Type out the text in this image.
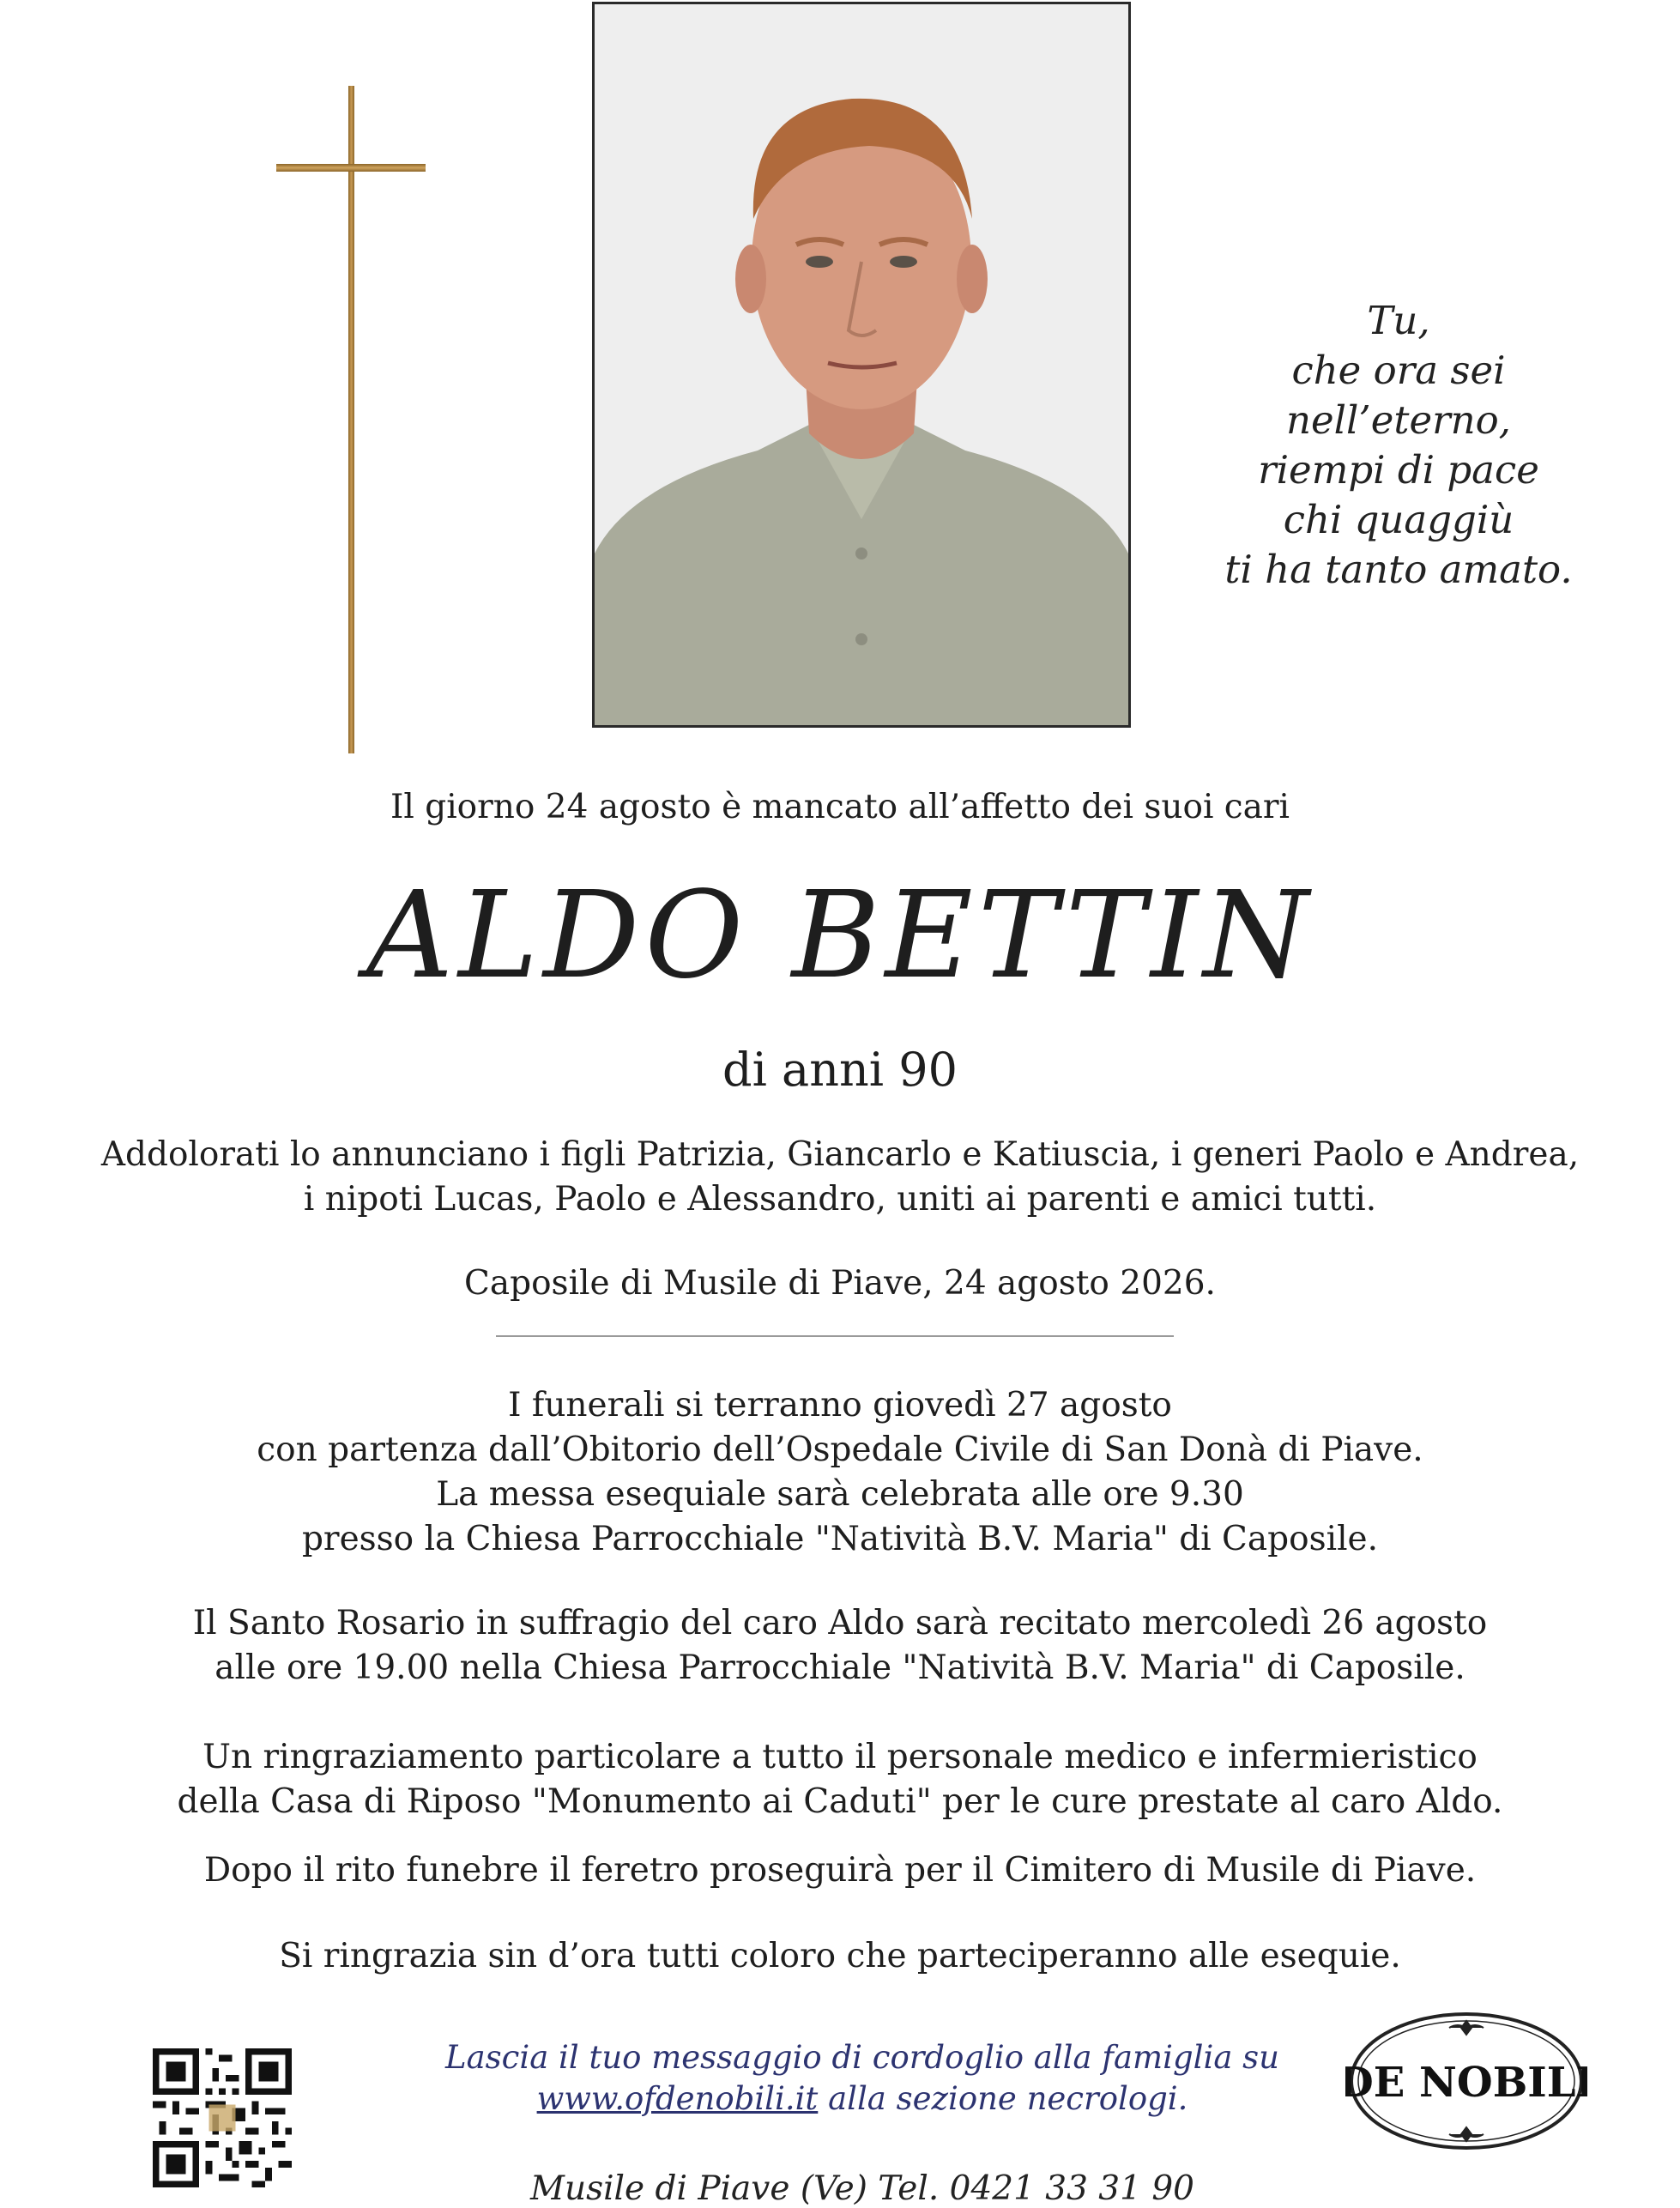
Tu,
che ora sei
nell’eterno,
riempi di pace
chi quaggiù
ti ha tanto amato.
Il giorno 24 agosto è mancato all’affetto dei suoi cari
ALDO BETTIN
di anni 90
Addolorati lo annunciano i figli Patrizia, Giancarlo e Katiuscia, i generi Paolo e Andrea,
i nipoti Lucas, Paolo e Alessandro, uniti ai parenti e amici tutti.
Caposile di Musile di Piave, 24 agosto 2026.
I funerali si terranno giovedì 27 agosto
con partenza dall’Obitorio dell’Ospedale Civile di San Donà di Piave.
La messa esequiale sarà celebrata alle ore 9.30
presso la Chiesa Parrocchiale "Natività B.V. Maria" di Caposile.
Il Santo Rosario in suffragio del caro Aldo sarà recitato mercoledì 26 agosto
alle ore 19.00 nella Chiesa Parrocchiale "Natività B.V. Maria" di Caposile.
Un ringraziamento particolare a tutto il personale medico e infermieristico
della Casa di Riposo "Monumento ai Caduti" per le cure prestate al caro Aldo.
Dopo il rito funebre il feretro proseguirà per il Cimitero di Musile di Piave.
Si ringrazia sin d’ora tutti coloro che parteciperanno alle esequie.
Lascia il tuo messaggio di cordoglio alla famiglia su
www.ofdenobili.it alla sezione necrologi.
Musile di Piave (Ve) Tel. 0421 33 31 90
DE NOBILI
